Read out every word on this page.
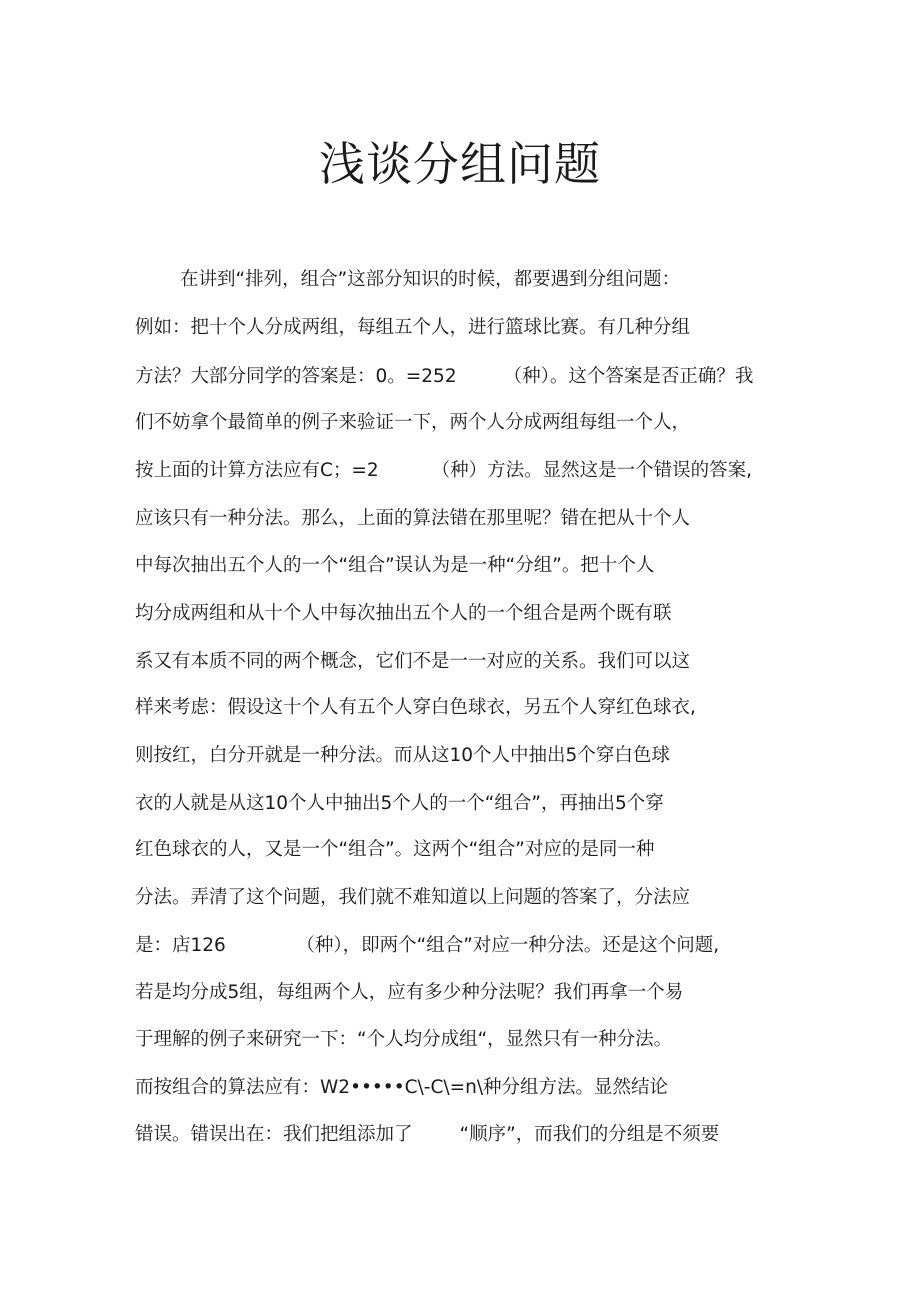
浅谈分组问题
在讲到“排列，组合”这部分知识的时候，都要遇到分组问题：
例如：把十个人分成两组，每组五个人，进行篮球比赛。有几种分组
方法？大部分同学的答案是：0。=252        （种）。这个答案是否正确？我
们不妨拿个最简单的例子来验证一下，两个人分成两组每组一个人，
按上面的计算方法应有C；=2         （种）方法。显然这是一个错误的答案,
应该只有一种分法。那么，上面的算法错在那里呢？错在把从十个人
中每次抽出五个人的一个“组合”误认为是一种“分组”。把十个人
均分成两组和从十个人中每次抽出五个人的一个组合是两个既有联
系又有本质不同的两个概念，它们不是一一对应的关系。我们可以这
样来考虑：假设这十个人有五个人穿白色球衣，另五个人穿红色球衣,
则按红，白分开就是一种分法。而从这10个人中抽出5个穿白色球
衣的人就是从这10个人中抽出5个人的一个“组合”，再抽出5个穿
红色球衣的人，又是一个“组合”。这两个“组合”对应的是同一种
分法。弄清了这个问题，我们就不难知道以上问题的答案了，分法应
是：店126            （种），即两个“组合”对应一种分法。还是这个问题,
若是均分成5组，每组两个人，应有多少种分法呢？我们再拿一个易
于理解的例子来研究一下：“个人均分成组“，显然只有一种分法。
而按组合的算法应有：W2•••••C\-C\=n\种分组方法。显然结论
错误。错误出在：我们把组添加了        “顺序”，而我们的分组是不须要
